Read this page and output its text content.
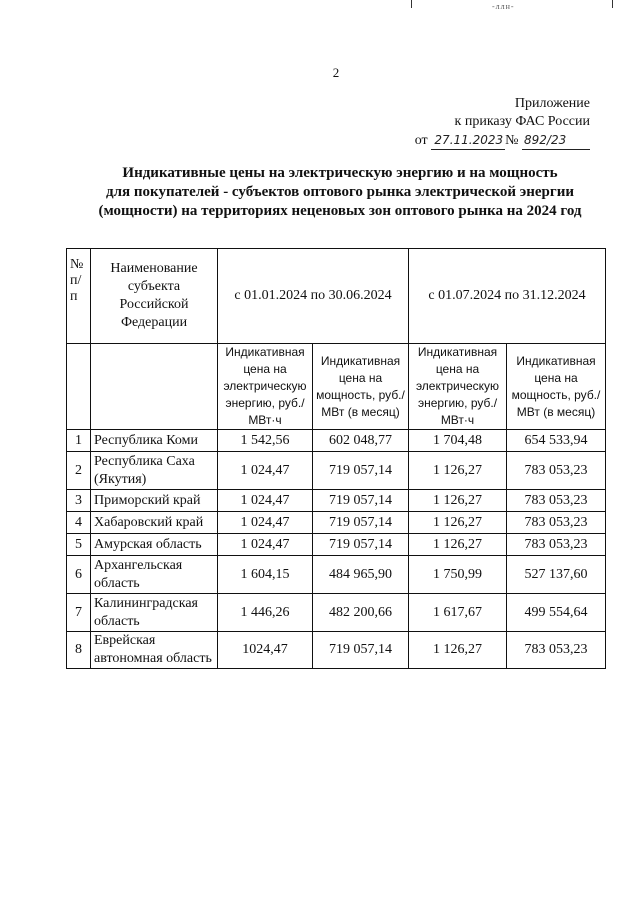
-ллн-
2
Приложение
к приказу ФАС России
от 27.11.2023 № 892/23
Индикативные цены на электрическую энергию и на мощность
для покупателей - субъектов оптового рынка электрической энергии
(мощности) на территориях неценовых зон оптового рынка на 2024 год
№ п/п	Наименование субъекта Российской Федерации	с 01.01.2024 по 30.06.2024		с 01.07.2024 по 31.12.2024	
		Индикативная цена на электрическую энергию, руб./МВт·ч	Индикативная цена на мощность, руб./МВт (в месяц)	Индикативная цена на электрическую энергию, руб./ МВт·ч	Индикативная цена на мощность, руб./МВт (в месяц)
1	Республика Коми	1 542,56	602 048,77	1 704,48	654 533,94
2	Республика Саха (Якутия)	1 024,47	719 057,14	1 126,27	783 053,23
3	Приморский край	1 024,47	719 057,14	1 126,27	783 053,23
4	Хабаровский край	1 024,47	719 057,14	1 126,27	783 053,23
5	Амурская область	1 024,47	719 057,14	1 126,27	783 053,23
6	Архангельская область	1 604,15	484 965,90	1 750,99	527 137,60
7	Калининградская область	1 446,26	482 200,66	1 617,67	499 554,64
8	Еврейская автономная область	1024,47	719 057,14	1 126,27	783 053,23
